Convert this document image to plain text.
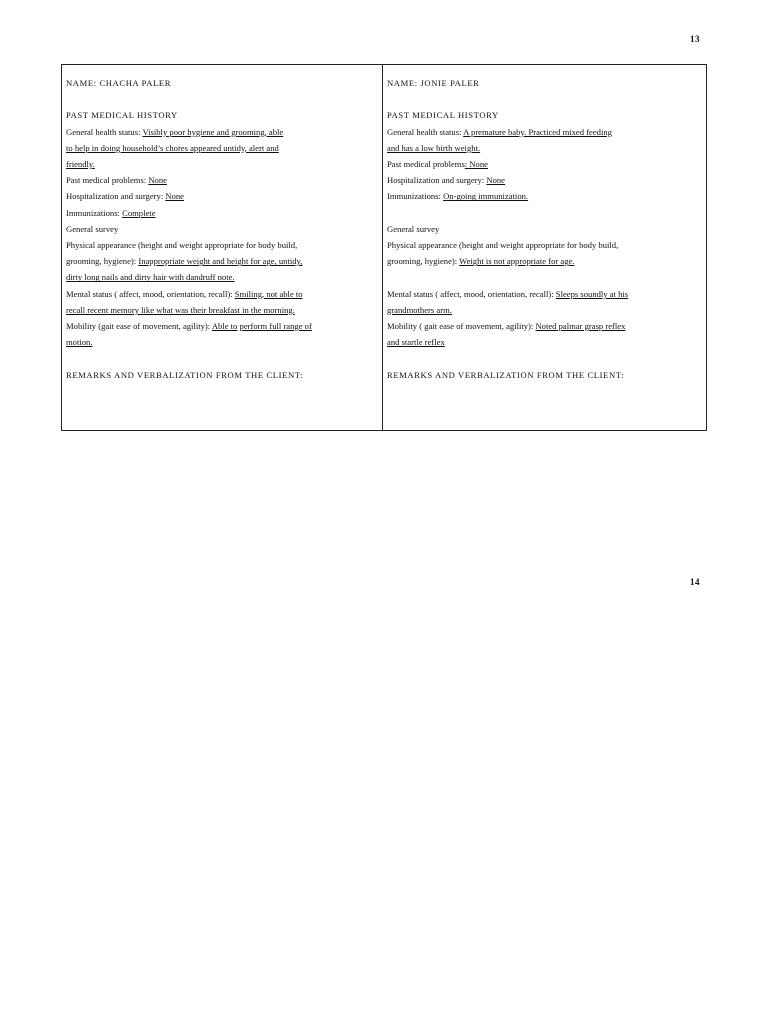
13
NAME: CHACHA PALER
PAST MEDICAL HISTORY
General health status: Visibly poor hygiene and grooming, able
to help in doing household’s chores appeared untidy, alert and
friendly.
Past medical problems: None
Hospitalization and surgery: None
Immunizations: Complete
General survey
Physical appearance (height and weight appropriate for body build,
grooming, hygiene): Inappropriate weight and height for age, untidy,
dirty long nails and dirty hair with dandruff note.
Mental status ( affect, mood, orientation, recall): Smiling, not able to
recall recent memory like what was their breakfast in the morning.
Mobility (gait ease of movement, agility): Able to perform full range of
motion.
REMARKS AND VERBALIZATION FROM THE CLIENT:
NAME: JONIE PALER
PAST MEDICAL HISTORY
General health status: A premature baby. Practiced mixed feeding
and has a low birth weight.
Past medical problems: None
Hospitalization and surgery: None
Immunizations: On-going immunization.
General survey
Physical appearance (height and weight appropriate for body build,
grooming, hygiene): Weight is not appropriate for age.
Mental status ( affect, mood, orientation, recall): Sleeps soundly at his
grandmothers arm.
Mobility ( gait ease of movement, agility): Noted palmar grasp reflex
and startle reflex
REMARKS AND VERBALIZATION FROM THE CLIENT:
14
